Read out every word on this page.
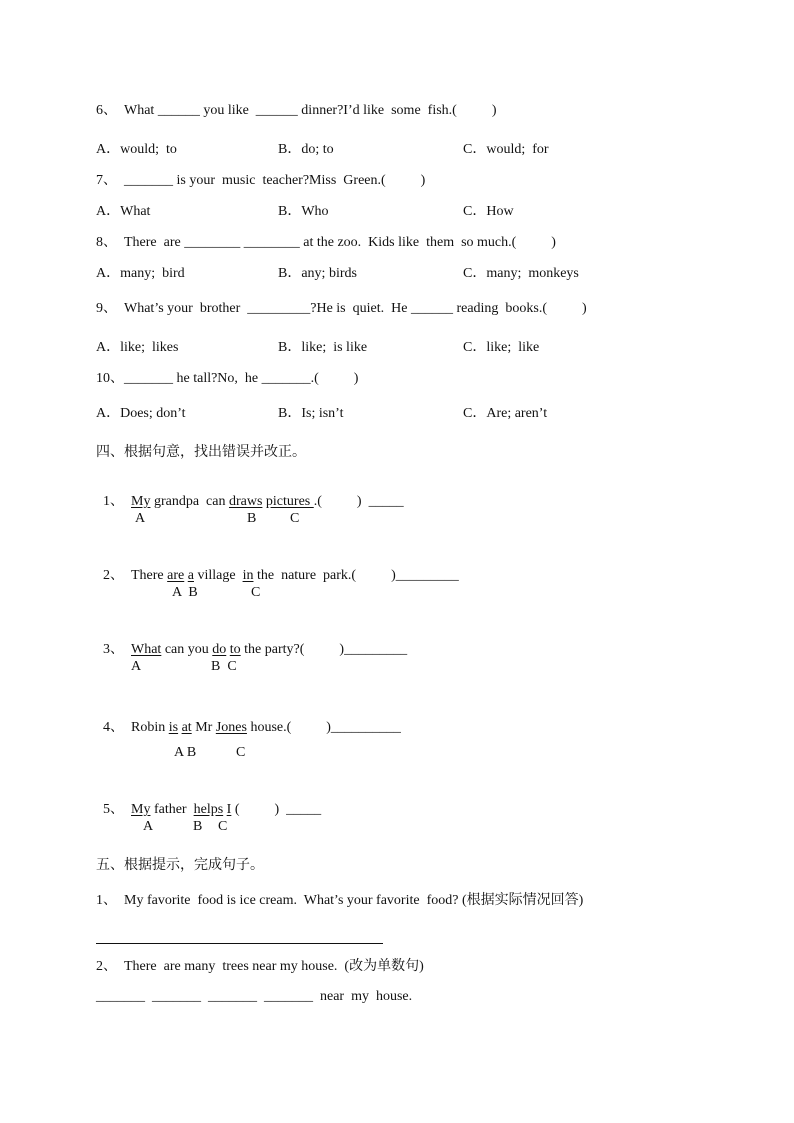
6、  What ______ you like  ______ dinner?I’d like  some  fish.(          )
A．would;  to	B．do; to	C．would;  for
7、  _______ is your  music  teacher?Miss  Green.(          )
A．What	B．Who	C．How
8、  There  are ________ ________ at the zoo.  Kids like  them  so much.(          )
A．many;  bird	B．any; birds	C．many;  monkeys
9、  What’s your  brother  _________?He is  quiet.  He ______ reading  books.(          )
A．like;  likes	B．like;  is like	C．like;  like
10、_______ he tall?No,  he _______.(          )
A．Does; don’t	B．Is; isn’t	C．Are; aren’t
四、根据句意，找出错误并改正。

1、 My grandpa  can draws pictures .(          )  _____

A	B C

2、 There are a village  in the  nature  park.(          )_________

A  B	C

3、 What can you do to the party?(          )_________

A	B  C

4、 Robin is at Mr Jones house.(          )__________

A B	C

5、 My father  helps I (          )  _____

A	B C
五、根据提示，完成句子。
1、  My favorite  food is ice cream.  What’s your favorite  food? (根据实际情况回答)
2、  There  are many  trees near my house.  (改为单数句)
_______  _______  _______  _______  near  my  house.
